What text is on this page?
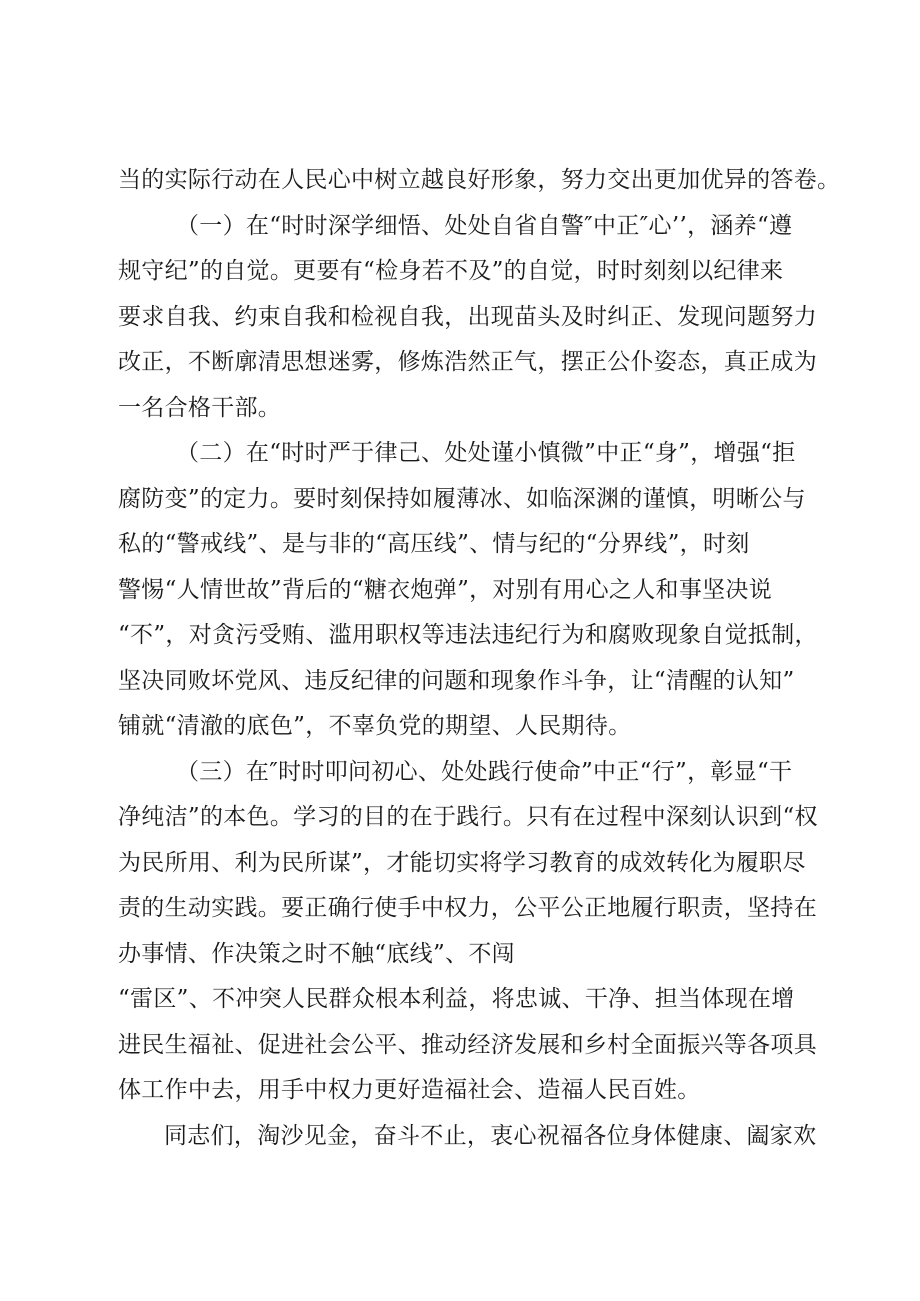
当的实际行动在人民心中树立越良好形象，努力交出更加优异的答卷。
（一）在“时时深学细悟、处处自省自警″中正″心’’，涵养“遵
规守纪”的自觉。更要有“检身若不及”的自觉，时时刻刻以纪律来
要求自我、约束自我和检视自我，出现苗头及时纠正、发现问题努力
改正，不断廓清思想迷雾，修炼浩然正气，摆正公仆姿态，真正成为
一名合格干部。
（二）在“时时严于律己、处处谨小慎微”中正“身”，增强“拒
腐防变”的定力。要时刻保持如履薄冰、如临深渊的谨慎，明晰公与
私的“警戒线”、是与非的“高压线”、情与纪的“分界线”，时刻
警惕“人情世故”背后的“糖衣炮弹”，对别有用心之人和事坚决说
“不”，对贪污受贿、滥用职权等违法违纪行为和腐败现象自觉抵制，
坚决同败坏党风、违反纪律的问题和现象作斗争，让“清醒的认知”
铺就“清澈的底色”，不辜负党的期望、人民期待。
（三）在″时时叩问初心、处处践行使命”中正“行”，彰显“干
净纯洁”的本色。学习的目的在于践行。只有在过程中深刻认识到“权
为民所用、利为民所谋”，才能切实将学习教育的成效转化为履职尽
责的生动实践。要正确行使手中权力，公平公正地履行职责，坚持在
办事情、作决策之时不触“底线”、不闯
“雷区”、不冲突人民群众根本利益，将忠诚、干净、担当体现在增
进民生福祉、促进社会公平、推动经济发展和乡村全面振兴等各项具
体工作中去，用手中权力更好造福社会、造福人民百姓。
同志们，淘沙见金，奋斗不止，衷心祝福各位身体健康、阖家欢
